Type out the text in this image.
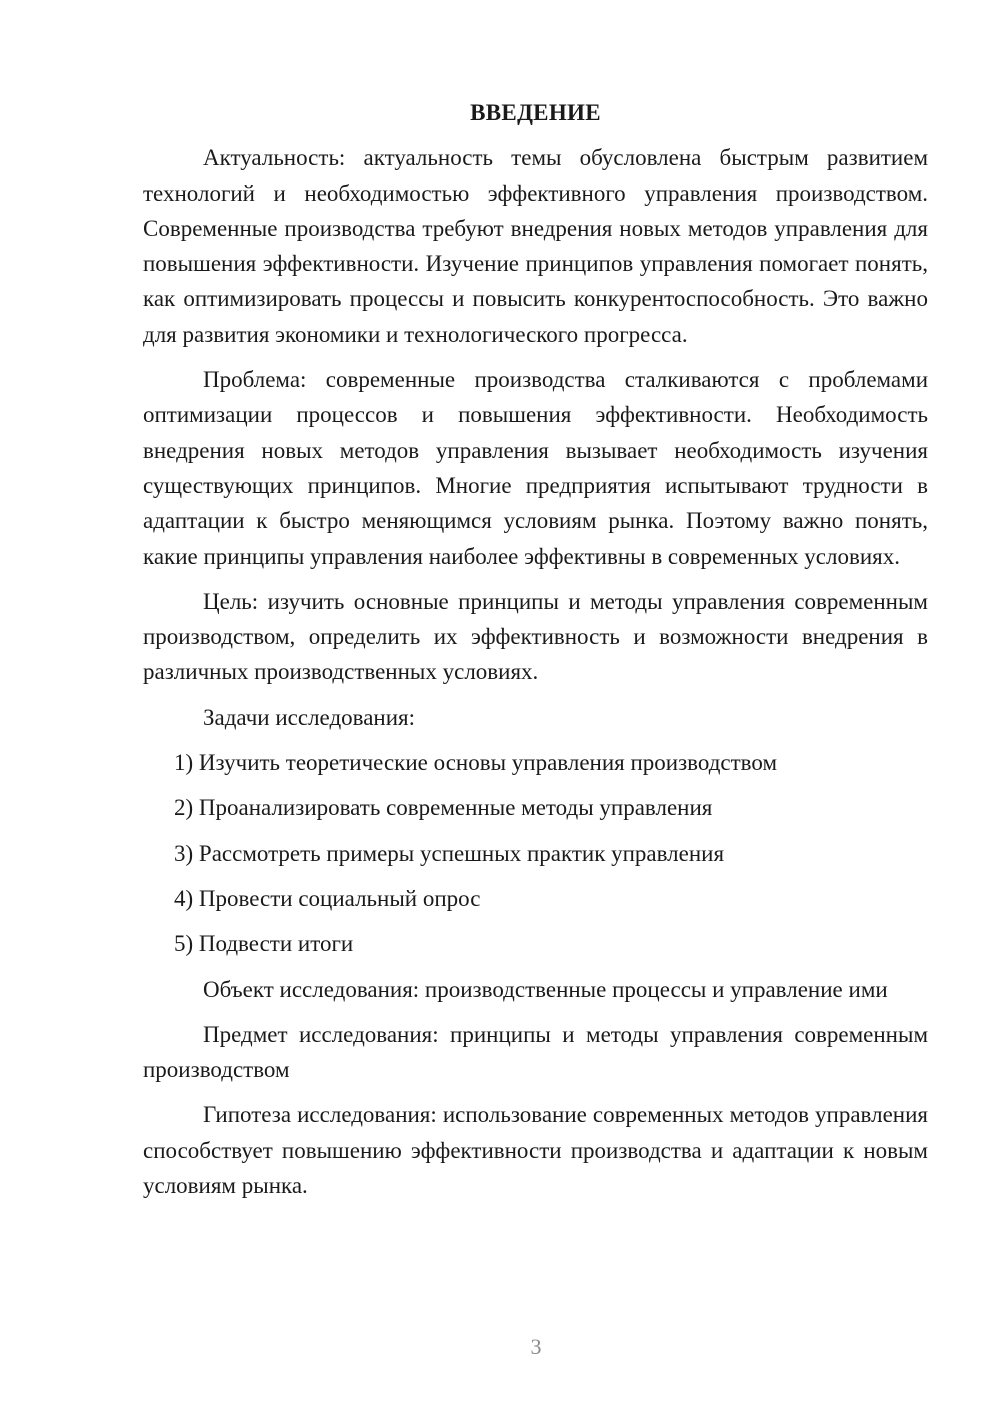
ВВЕДЕНИЕ

Актуальность: актуальность темы обусловлена быстрым развитием технологий и необходимостью эффективного управления производством. Современные производства требуют внедрения новых методов управления для повышения эффективности. Изучение принципов управления помогает понять, как оптимизировать процессы и повысить конкурентоспособность. Это важно для развития экономики и технологического прогресса.

Проблема: современные производства сталкиваются с проблемами оптимизации процессов и повышения эффективности. Необходимость внедрения новых методов управления вызывает необходимость изучения существующих принципов. Многие предприятия испытывают трудности в адаптации к быстро меняющимся условиям рынка. Поэтому важно понять, какие принципы управления наиболее эффективны в современных условиях.

Цель: изучить основные принципы и методы управления современным производством, определить их эффективность и возможности внедрения в различных производственных условиях.

Задачи исследования:

1) Изучить теоретические основы управления производством

2) Проанализировать современные методы управления

3) Рассмотреть примеры успешных практик управления

4) Провести социальный опрос

5) Подвести итоги

Объект исследования: производственные процессы и управление ими

Предмет исследования: принципы и методы управления современным производством

Гипотеза исследования: использование современных методов управления способствует повышению эффективности производства и адаптации к новым условиям рынка.

3
